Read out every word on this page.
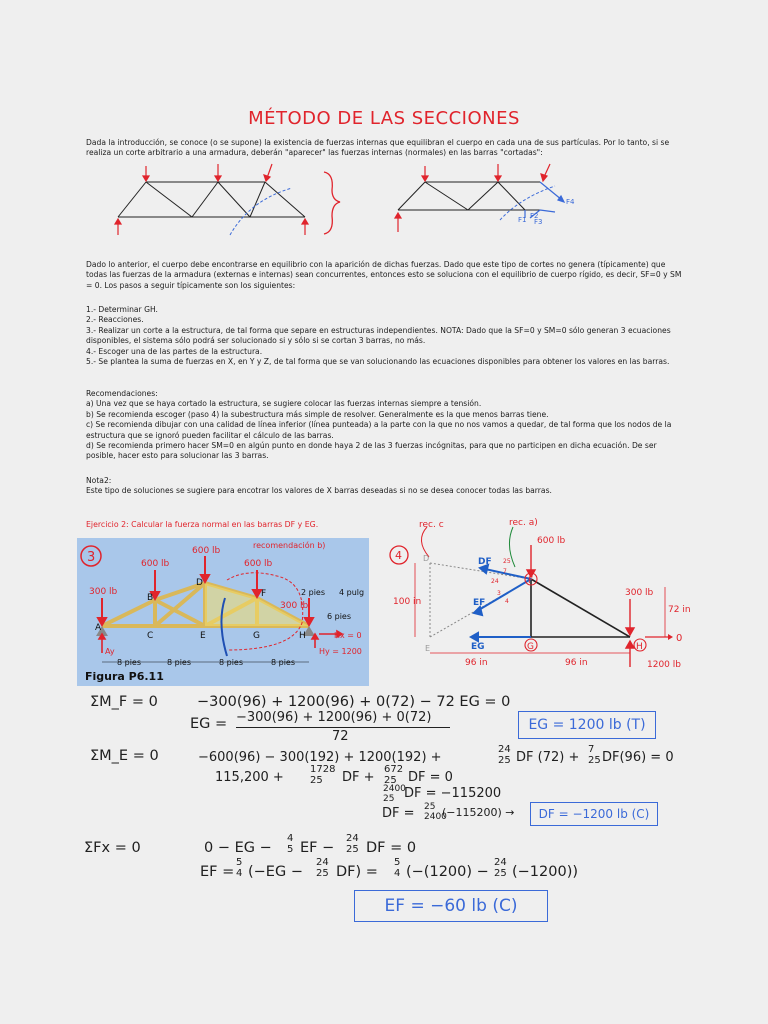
MÉTODO DE LAS SECCIONES
Dada la introducción, se conoce (o se supone) la existencia de fuerzas internas que equilibran el cuerpo en cada una de sus partículas. Por lo tanto, si se realiza un corte arbitrario a una armadura, deberán "aparecer" las fuerzas internas (normales) en las barras "cortadas":
F4
F2
F3
F1
Dado lo anterior, el cuerpo debe encontrarse en equilibrio con la aparición de dichas fuerzas. Dado que este tipo de cortes no genera (típicamente) que todas las fuerzas de la armadura (externas e internas) sean concurrentes, entonces esto se soluciona con el equilibrio de cuerpo rígido, es decir, SF=0 y SM = 0. Los pasos a seguir típicamente son los siguientes:

1.- Determinar GH.

2.- Reacciones.

3.- Realizar un corte a la estructura, de tal forma que separe en estructuras independientes. NOTA: Dado que la SF=0 y SM=0 sólo generan 3 ecuaciones disponibles, el sistema sólo podrá ser solucionado si y sólo si se cortan 3 barras, no más.

4.- Escoger una de las partes de la estructura.

5.- Se plantea la suma de fuerzas en X, en Y y Z, de tal forma que se van solucionando las ecuaciones disponibles para obtener los valores en las barras.

Recomendaciones:

a) Una vez que se haya cortado la estructura, se sugiere colocar las fuerzas internas siempre a tensión.

b) Se recomienda escoger (paso 4) la subestructura más simple de resolver. Generalmente es la que menos barras tiene.

c) Se recomienda dibujar con una calidad de línea inferior (línea punteada) a la parte con la que no nos vamos a quedar, de tal forma que los nodos de la estructura que se ignoró pueden facilitar el cálculo de las barras.

d) Se recomienda primero hacer SM=0 en algún punto en donde haya 2 de las 3 fuerzas incógnitas, para que no participen en dicha ecuación. De ser posible, hacer esto para solucionar las 3 barras.

Nota2:

Este tipo de soluciones se sugiere para encotrar los valores de X barras deseadas si no se desea conocer todas las barras.

Ejercicio 2: Calcular la fuerza normal en las barras DF y EG.
3
300 lb
600 lb
600 lb
600 lb
300 lb
A
B
C
D
E
F
G	H
2 pies 4 pulg
6 pies
8 pies	8 pies	8 pies	8 pies
recomendación b)
Ay
Hx = 0
Hy = 1200
Figura P6.11
4
rec. c	rec. a)
100 in
72 in
96 in	96 in
0
600 lb
300 lb
1200 lb
DF
EF
EG
F
G	H
E
D
7
24
25
4
3
ΣM_F = 0	−300(96) + 1200(96) + 0(72) − 72 EG = 0
EG = −300(96) + 1200(96) + 0(72)
72
EG = 1200 lb (T)
ΣM_E = 0	−600(96) − 300(192) + 1200(192) +
24
25 DF (72) +
7
25 DF(96) = 0
115,200 +
1728
25	DF +
672
25 DF = 0
2400
25 DF = −115200
DF = 25
2400
(−115200) →	DF = −1200 lb (C)
ΣFx = 0	0 − EG −
4
5 EF −
24
25 DF = 0
EF =
5
4 (−EG −
24
25 DF) =
5
4 (−(1200) −
24
25 (−1200))
EF = −60 lb (C)
